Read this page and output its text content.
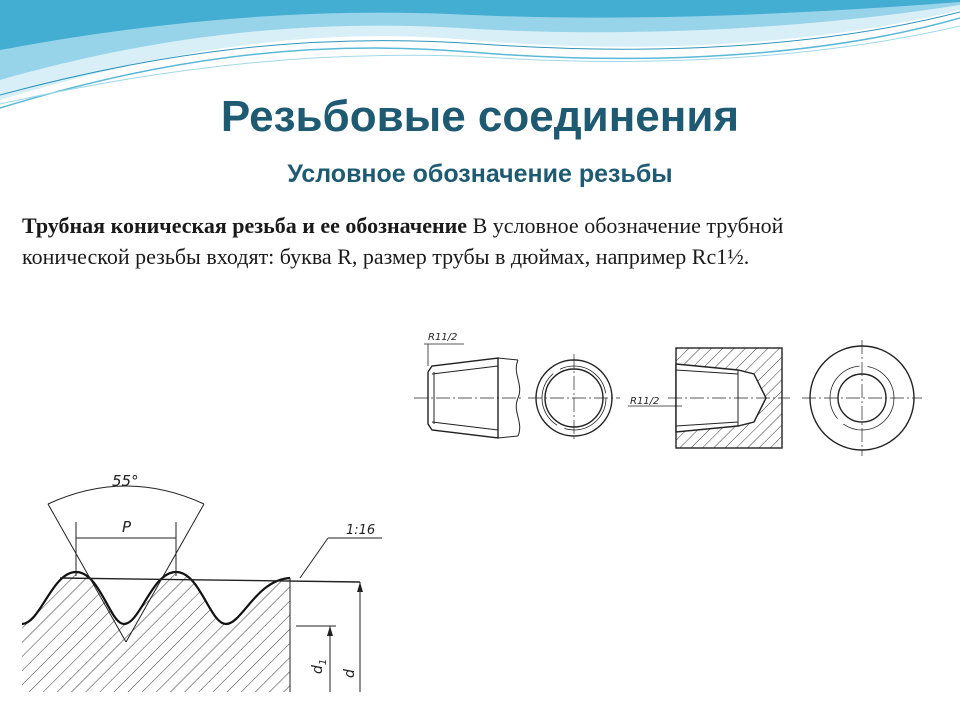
Резьбовые соединения
Условное обозначение резьбы

Трубная коническая резьба и ее обозначение В условное обозначение трубной конической резьбы входят: буква R, размер трубы в дюймах, например Rc1½.

R11/2
R11/2
55°
P	1:16
$d_1$
d
